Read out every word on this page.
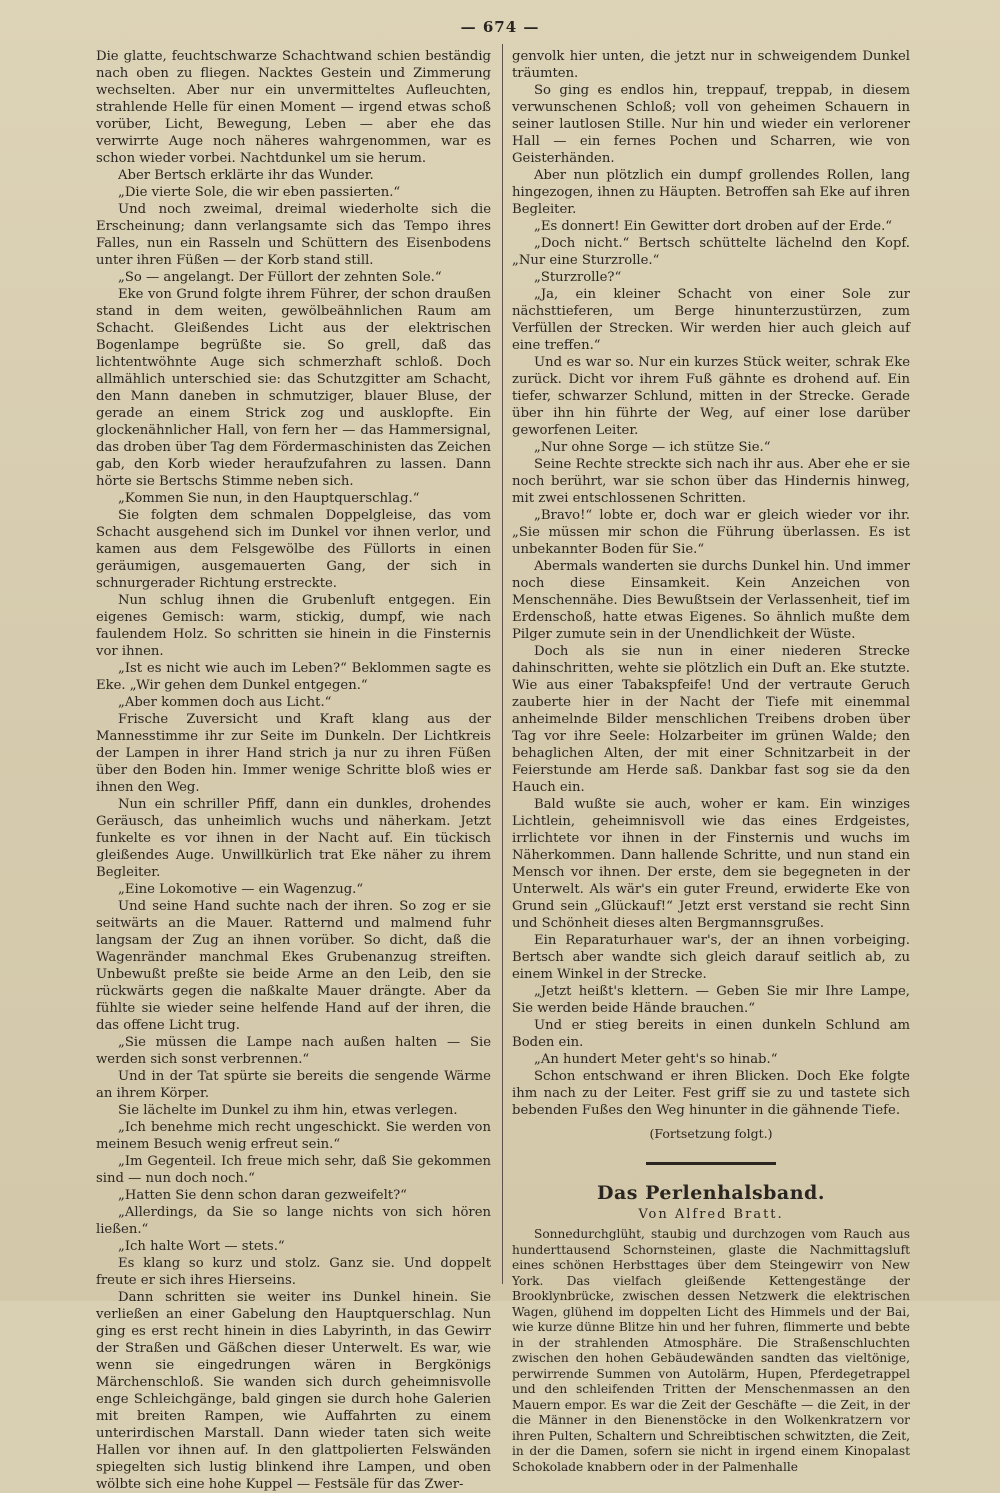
— 674 —

Die glatte, feuchtschwarze Schachtwand schien beständig nach oben zu fliegen. Nacktes Gestein und Zimmerung wechselten. Aber nur ein unvermitteltes Aufleuchten, strahlende Helle für einen Moment — irgend etwas schoß vorüber, Licht, Bewegung, Leben — aber ehe das verwirrte Auge noch näheres wahrgenommen, war es schon wieder vorbei. Nachtdunkel um sie herum.

Aber Bertsch erklärte ihr das Wunder.

„Die vierte Sole, die wir eben passierten.“

Und noch zweimal, dreimal wiederholte sich die Erscheinung; dann verlangsamte sich das Tempo ihres Falles, nun ein Rasseln und Schüttern des Eisenbodens unter ihren Füßen — der Korb stand still.

„So — angelangt. Der Füllort der zehnten Sole.“

Eke von Grund folgte ihrem Führer, der schon draußen stand in dem weiten, gewölbeähnlichen Raum am Schacht. Gleißendes Licht aus der elektrischen Bogenlampe begrüßte sie. So grell, daß das lichtentwöhnte Auge sich schmerzhaft schloß. Doch allmählich unterschied sie: das Schutzgitter am Schacht, den Mann daneben in schmutziger, blauer Bluse, der gerade an einem Strick zog und ausklopfte. Ein glockenähnlicher Hall, von fern her — das Hammersignal, das droben über Tag dem Fördermaschinisten das Zeichen gab, den Korb wieder heraufzufahren zu lassen. Dann hörte sie Bertschs Stimme neben sich.

„Kommen Sie nun, in den Hauptquerschlag.“

Sie folgten dem schmalen Doppelgleise, das vom Schacht ausgehend sich im Dunkel vor ihnen verlor, und kamen aus dem Felsgewölbe des Füllorts in einen geräumigen, ausgemauerten Gang, der sich in schnurgerader Richtung erstreckte.

Nun schlug ihnen die Grubenluft entgegen. Ein eigenes Gemisch: warm, stickig, dumpf, wie nach faulendem Holz. So schritten sie hinein in die Finsternis vor ihnen.

„Ist es nicht wie auch im Leben?“ Beklommen sagte es Eke. „Wir gehen dem Dunkel entgegen.“

„Aber kommen doch aus Licht.“

Frische Zuversicht und Kraft klang aus der Mannesstimme ihr zur Seite im Dunkeln. Der Lichtkreis der Lampen in ihrer Hand strich ja nur zu ihren Füßen über den Boden hin. Immer wenige Schritte bloß wies er ihnen den Weg.

Nun ein schriller Pfiff, dann ein dunkles, drohendes Geräusch, das unheimlich wuchs und näherkam. Jetzt funkelte es vor ihnen in der Nacht auf. Ein tückisch gleißendes Auge. Unwillkürlich trat Eke näher zu ihrem Begleiter.

„Eine Lokomotive — ein Wagenzug.“

Und seine Hand suchte nach der ihren. So zog er sie seitwärts an die Mauer. Ratternd und malmend fuhr langsam der Zug an ihnen vorüber. So dicht, daß die Wagenränder manchmal Ekes Grubenanzug streiften. Unbewußt preßte sie beide Arme an den Leib, den sie rückwärts gegen die naßkalte Mauer drängte. Aber da fühlte sie wieder seine helfende Hand auf der ihren, die das offene Licht trug.

„Sie müssen die Lampe nach außen halten — Sie werden sich sonst verbrennen.“

Und in der Tat spürte sie bereits die sengende Wärme an ihrem Körper.

Sie lächelte im Dunkel zu ihm hin, etwas verlegen.

„Ich benehme mich recht ungeschickt. Sie werden von meinem Besuch wenig erfreut sein.“

„Im Gegenteil. Ich freue mich sehr, daß Sie gekommen sind — nun doch noch.“

„Hatten Sie denn schon daran gezweifelt?“

„Allerdings, da Sie so lange nichts von sich hören ließen.“

„Ich halte Wort — stets.“

Es klang so kurz und stolz. Ganz sie. Und doppelt freute er sich ihres Hierseins.

Dann schritten sie weiter ins Dunkel hinein. Sie verließen an einer Gabelung den Hauptquerschlag. Nun ging es erst recht hinein in dies Labyrinth, in das Gewirr der Straßen und Gäßchen dieser Unterwelt. Es war, wie wenn sie eingedrungen wären in Bergkönigs Märchenschloß. Sie wanden sich durch geheimnisvolle enge Schleichgänge, bald gingen sie durch hohe Galerien mit breiten Rampen, wie Auffahrten zu einem unterirdischen Marstall. Dann wieder taten sich weite Hallen vor ihnen auf. In den glattpolierten Felswänden spiegelten sich lustig blinkend ihre Lampen, und oben wölbte sich eine hohe Kuppel — Festsäle für das Zwer-

genvolk hier unten, die jetzt nur in schweigendem Dunkel träumten.

So ging es endlos hin, treppauf, treppab, in diesem verwunschenen Schloß; voll von geheimen Schauern in seiner lautlosen Stille. Nur hin und wieder ein verlorener Hall — ein fernes Pochen und Scharren, wie von Geisterhänden.

Aber nun plötzlich ein dumpf grollendes Rollen, lang hingezogen, ihnen zu Häupten. Betroffen sah Eke auf ihren Begleiter.

„Es donnert! Ein Gewitter dort droben auf der Erde.“

„Doch nicht.“ Bertsch schüttelte lächelnd den Kopf. „Nur eine Sturzrolle.“

„Sturzrolle?“

„Ja, ein kleiner Schacht von einer Sole zur nächsttieferen, um Berge hinunterzustürzen, zum Verfüllen der Strecken. Wir werden hier auch gleich auf eine treffen.“

Und es war so. Nur ein kurzes Stück weiter, schrak Eke zurück. Dicht vor ihrem Fuß gähnte es drohend auf. Ein tiefer, schwarzer Schlund, mitten in der Strecke. Gerade über ihn hin führte der Weg, auf einer lose darüber geworfenen Leiter.

„Nur ohne Sorge — ich stütze Sie.“

Seine Rechte streckte sich nach ihr aus. Aber ehe er sie noch berührt, war sie schon über das Hindernis hinweg, mit zwei entschlossenen Schritten.

„Bravo!“ lobte er, doch war er gleich wieder vor ihr. „Sie müssen mir schon die Führung überlassen. Es ist unbekannter Boden für Sie.“

Abermals wanderten sie durchs Dunkel hin. Und immer noch diese Einsamkeit. Kein Anzeichen von Menschennähe. Dies Bewußtsein der Verlassenheit, tief im Erdenschoß, hatte etwas Eigenes. So ähnlich mußte dem Pilger zumute sein in der Unendlichkeit der Wüste.

Doch als sie nun in einer niederen Strecke dahinschritten, wehte sie plötzlich ein Duft an. Eke stutzte. Wie aus einer Tabakspfeife! Und der vertraute Geruch zauberte hier in der Nacht der Tiefe mit einemmal anheimelnde Bilder menschlichen Treibens droben über Tag vor ihre Seele: Holzarbeiter im grünen Walde; den behaglichen Alten, der mit einer Schnitzarbeit in der Feierstunde am Herde saß. Dankbar fast sog sie da den Hauch ein.

Bald wußte sie auch, woher er kam. Ein winziges Lichtlein, geheimnisvoll wie das eines Erdgeistes, irrlichtete vor ihnen in der Finsternis und wuchs im Näherkommen. Dann hallende Schritte, und nun stand ein Mensch vor ihnen. Der erste, dem sie begegneten in der Unterwelt. Als wär's ein guter Freund, erwiderte Eke von Grund sein „Glückauf!“ Jetzt erst verstand sie recht Sinn und Schönheit dieses alten Bergmannsgrußes.

Ein Reparaturhauer war's, der an ihnen vorbeiging. Bertsch aber wandte sich gleich darauf seitlich ab, zu einem Winkel in der Strecke.

„Jetzt heißt's klettern. — Geben Sie mir Ihre Lampe, Sie werden beide Hände brauchen.“

Und er stieg bereits in einen dunkeln Schlund am Boden ein.

„An hundert Meter geht's so hinab.“

Schon entschwand er ihren Blicken. Doch Eke folgte ihm nach zu der Leiter. Fest griff sie zu und tastete sich bebenden Fußes den Weg hinunter in die gähnende Tiefe.

(Fortsetzung folgt.)
Das Perlenhalsband.
Von Alfred Bratt.

Sonnedurchglüht, staubig und durchzogen vom Rauch aus hunderttausend Schornsteinen, glaste die Nachmittagsluft eines schönen Herbsttages über dem Steingewirr von New York. Das vielfach gleißende Kettengestänge der Brooklynbrücke, zwischen dessen Netzwerk die elektrischen Wagen, glühend im doppelten Licht des Himmels und der Bai, wie kurze dünne Blitze hin und her fuhren, flimmerte und bebte in der strahlenden Atmosphäre. Die Straßenschluchten zwischen den hohen Gebäudewänden sandten das vieltönige, perwirrende Summen von Autolärm, Hupen, Pferdegetrappel und den schleifenden Tritten der Menschenmassen an den Mauern empor. Es war die Zeit der Geschäfte — die Zeit, in der die Männer in den Bienenstöcke in den Wolkenkratzern vor ihren Pulten, Schaltern und Schreibtischen schwitzten, die Zeit, in der die Damen, sofern sie nicht in irgend einem Kinopalast Schokolade knabbern oder in der Palmenhalle
